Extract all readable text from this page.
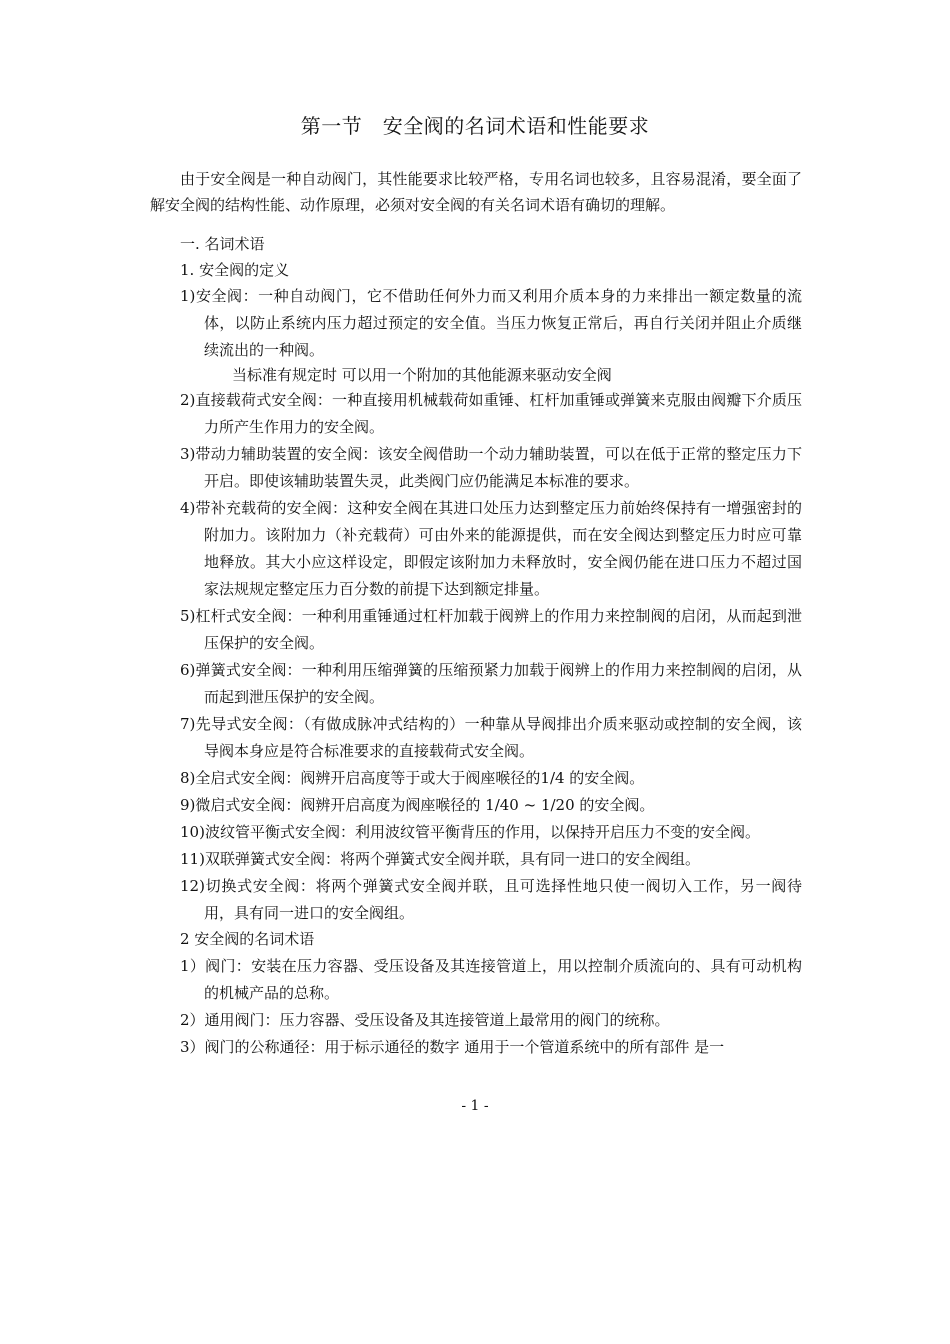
第一节　安全阀的名词术语和性能要求
由于安全阀是一种自动阀门，其性能要求比较严格，专用名词也较多，且容易混淆，要全面了解安全阀的结构性能、动作原理，必须对安全阀的有关名词术语有确切的理解。
一. 名词术语
1. 安全阀的定义
1)安全阀：一种自动阀门，它不借助任何外力而又利用介质本身的力来排出一额定数量的流体，以防止系统内压力超过预定的安全值。当压力恢复正常后，再自行关闭并阻止介质继续流出的一种阀。
当标准有规定时 可以用一个附加的其他能源来驱动安全阀
2)直接载荷式安全阀：一种直接用机械载荷如重锤、杠杆加重锤或弹簧来克服由阀瓣下介质压力所产生作用力的安全阀。
3)带动力辅助装置的安全阀：该安全阀借助一个动力辅助装置，可以在低于正常的整定压力下开启。即使该辅助装置失灵，此类阀门应仍能满足本标准的要求。
4)带补充载荷的安全阀：这种安全阀在其进口处压力达到整定压力前始终保持有一增强密封的附加力。该附加力（补充载荷）可由外来的能源提供，而在安全阀达到整定压力时应可靠地释放。其大小应这样设定，即假定该附加力未释放时，安全阀仍能在进口压力不超过国家法规规定整定压力百分数的前提下达到额定排量。
5)杠杆式安全阀：一种利用重锤通过杠杆加载于阀辨上的作用力来控制阀的启闭，从而起到泄压保护的安全阀。
6)弹簧式安全阀：一种利用压缩弹簧的压缩预紧力加载于阀辨上的作用力来控制阀的启闭，从而起到泄压保护的安全阀。
7)先导式安全阀：（有做成脉冲式结构的）一种靠从导阀排出介质来驱动或控制的安全阀，该导阀本身应是符合标准要求的直接载荷式安全阀。
8)全启式安全阀：阀辨开启高度等于或大于阀座喉径的1/4 的安全阀。
9)微启式安全阀：阀辨开启高度为阀座喉径的 1/40 ~ 1/20 的安全阀。
10)波纹管平衡式安全阀：利用波纹管平衡背压的作用，以保持开启压力不变的安全阀。
11)双联弹簧式安全阀：将两个弹簧式安全阀并联，具有同一进口的安全阀组。
12)切换式安全阀：将两个弹簧式安全阀并联，且可选择性地只使一阀切入工作，另一阀待用，具有同一进口的安全阀组。
2 安全阀的名词术语
1）阀门：安装在压力容器、受压设备及其连接管道上，用以控制介质流向的、具有可动机构的机械产品的总称。
2）通用阀门：压力容器、受压设备及其连接管道上最常用的阀门的统称。
3）阀门的公称通径：用于标示通径的数字 通用于一个管道系统中的所有部件 是一
- 1 -
